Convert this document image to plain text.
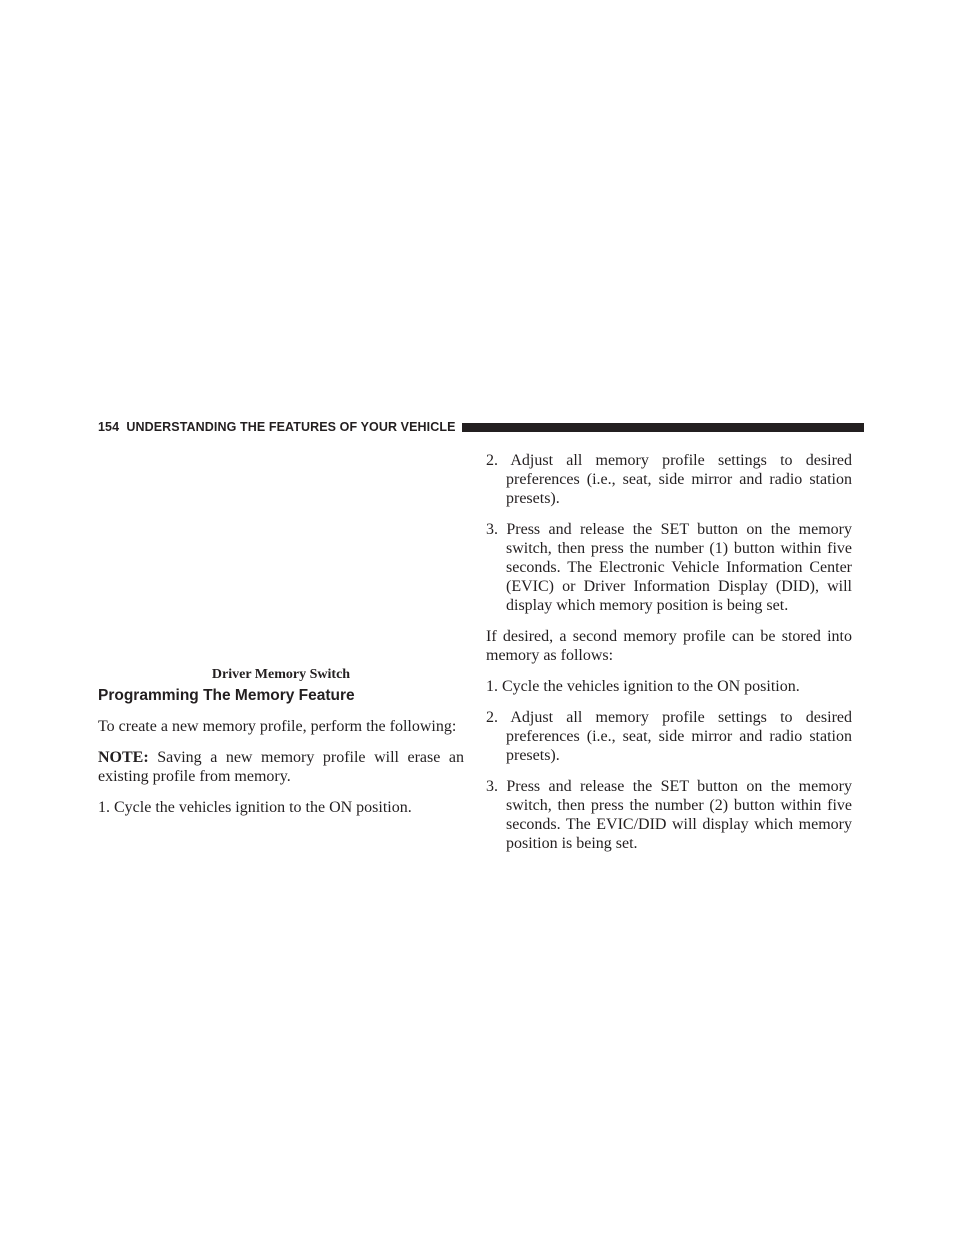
154 UNDERSTANDING THE FEATURES OF YOUR VEHICLE
Driver Memory Switch
Programming The Memory Feature

To create a new memory profile, perform the following:

NOTE: Saving a new memory profile will erase an existing profile from memory.

1. Cycle the vehicles ignition to the ON position.

2. Adjust all memory profile settings to desired preferences (i.e., seat, side mirror and radio station presets).

3. Press and release the SET button on the memory switch, then press the number (1) button within five seconds. The Electronic Vehicle Information Center (EVIC) or Driver Information Display (DID), will display which memory position is being set.

If desired, a second memory profile can be stored into memory as follows:

1. Cycle the vehicles ignition to the ON position.

2. Adjust all memory profile settings to desired preferences (i.e., seat, side mirror and radio station presets).

3. Press and release the SET button on the memory switch, then press the number (2) button within five seconds. The EVIC/DID will display which memory position is being set.
